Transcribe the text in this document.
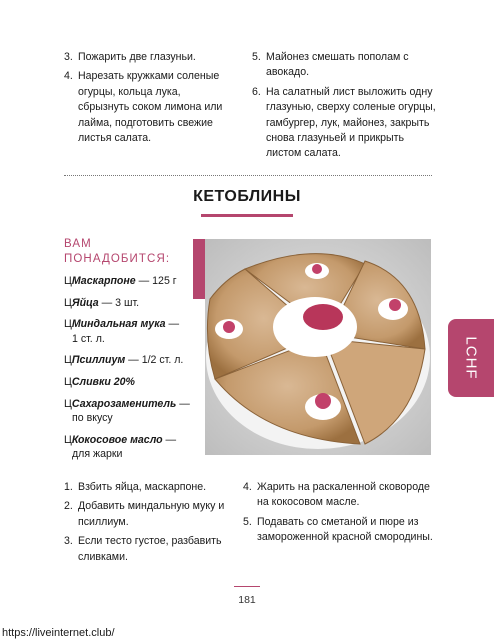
3. Пожарить две глазуньи.
4. Нарезать кружками соленые огурцы, кольца лука, сбрызнуть соком лимона или лайма, подготовить свежие листья салата.
5. Майонез смешать пополам с авокадо.
6. На салатный лист выложить одну глазунью, сверху соленые огурцы, гамбургер, лук, майонез, закрыть снова глазуньей и прикрыть листом салата.
КЕТОБЛИНЫ
ВАМ
ПОНАДОБИТСЯ:
ЦМаскарпоне — 125 г
ЦЯйца — 3 шт.
ЦМиндальная мука —
1 ст. л.
ЦПсиллиум — 1/2 ст. л.
ЦСливки 20%
ЦСахарозаменитель —
по вкусу
ЦКокосовое масло —
для жарки
1. Взбить яйца, маскарпоне.
2. Добавить миндальную муку и псиллиум.
3. Если тесто густое, разбавить сливками.
4. Жарить на раскаленной сковороде на кокосовом масле.
5. Подавать со сметаной и пюре из замороженной красной смородины.
LCHF
181
https://liveinternet.club/
